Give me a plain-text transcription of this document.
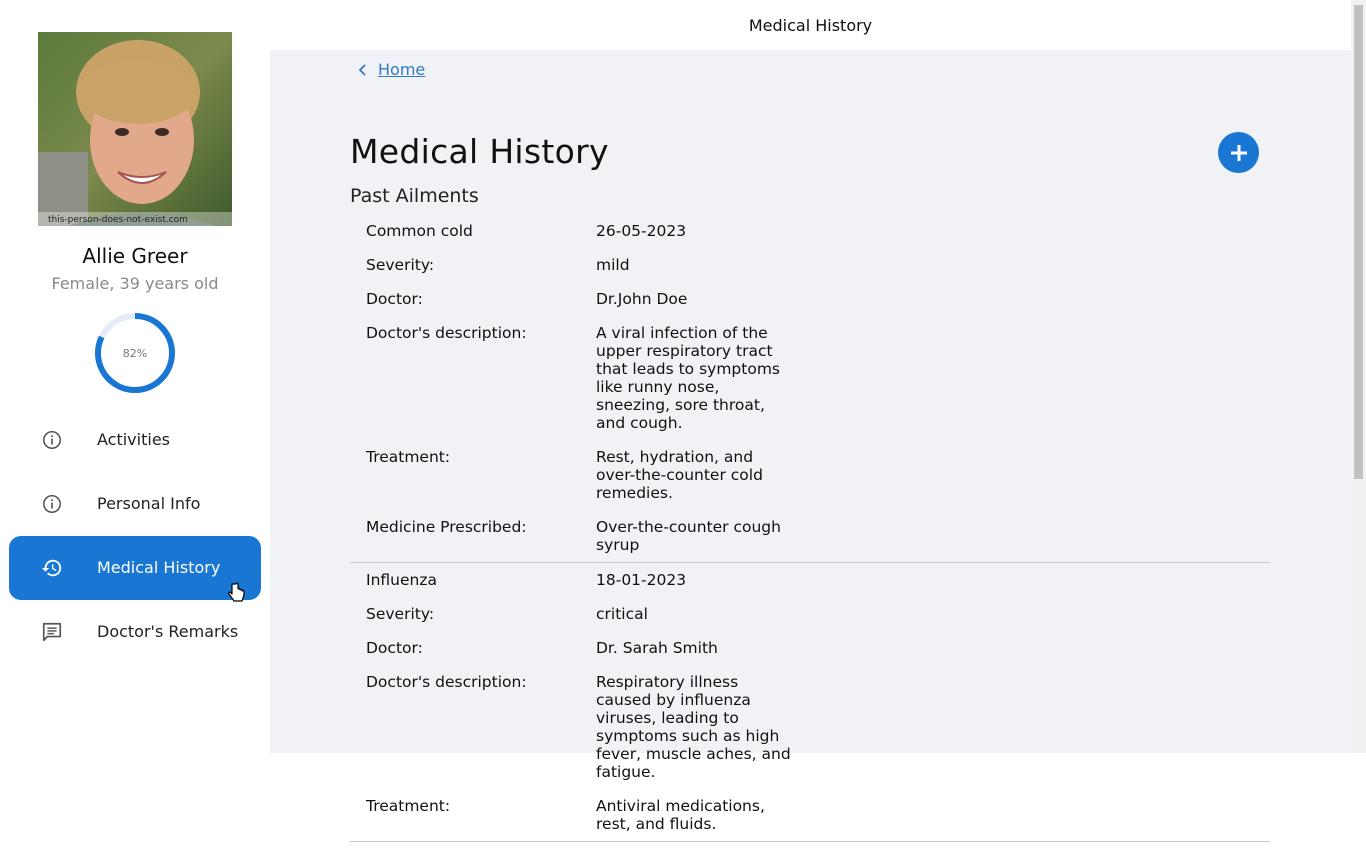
this-person-does-not-exist.com
Allie Greer
Female, 39 years old
82%
Activities
Personal Info
Medical History
Doctor's Remarks
Medical History
Home
Medical History
Past Ailments
Common cold	26-05-2023
Severity:	mild
Doctor:	Dr.John Doe
Doctor's description:	A viral infection of the upper respiratory tract that leads to symptoms like runny nose, sneezing, sore throat, and cough.
Treatment:	Rest, hydration, and over-the-counter cold remedies.
Medicine Prescribed:	Over-the-counter cough syrup
Influenza	18-01-2023
Severity:	critical
Doctor:	Dr. Sarah Smith
Doctor's description:	Respiratory illness caused by influenza viruses, leading to symptoms such as high fever, muscle aches, and fatigue.
Treatment:	Antiviral medications, rest, and fluids.
